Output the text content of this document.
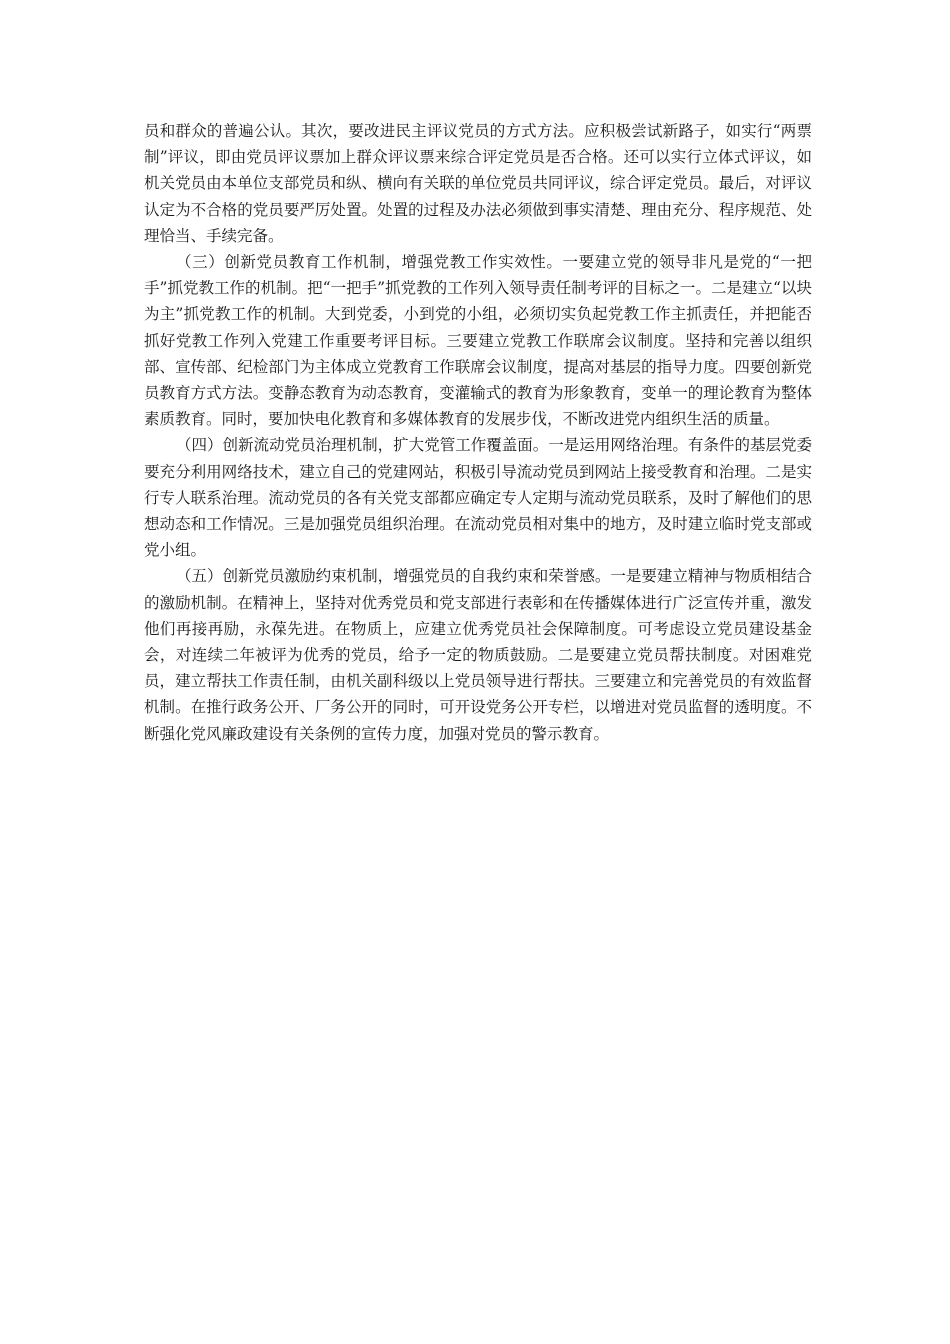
员和群众的普遍公认。其次，要改进民主评议党员的方式方法。应积极尝试新路子，如实行“两票制”评议，即由党员评议票加上群众评议票来综合评定党员是否合格。还可以实行立体式评议，如机关党员由本单位支部党员和纵、横向有关联的单位党员共同评议，综合评定党员。最后，对评议认定为不合格的党员要严厉处置。处置的过程及办法必须做到事实清楚、理由充分、程序规范、处理恰当、手续完备。

（三）创新党员教育工作机制，增强党教工作实效性。一要建立党的领导非凡是党的“一把手”抓党教工作的机制。把“一把手”抓党教的工作列入领导责任制考评的目标之一。二是建立“以块为主”抓党教工作的机制。大到党委，小到党的小组，必须切实负起党教工作主抓责任，并把能否抓好党教工作列入党建工作重要考评目标。三要建立党教工作联席会议制度。坚持和完善以组织部、宣传部、纪检部门为主体成立党教育工作联席会议制度，提高对基层的指导力度。四要创新党员教育方式方法。变静态教育为动态教育，变灌输式的教育为形象教育，变单一的理论教育为整体素质教育。同时，要加快电化教育和多媒体教育的发展步伐，不断改进党内组织生活的质量。

（四）创新流动党员治理机制，扩大党管工作覆盖面。一是运用网络治理。有条件的基层党委要充分利用网络技术，建立自己的党建网站，积极引导流动党员到网站上接受教育和治理。二是实行专人联系治理。流动党员的各有关党支部都应确定专人定期与流动党员联系，及时了解他们的思想动态和工作情况。三是加强党员组织治理。在流动党员相对集中的地方，及时建立临时党支部或党小组。

（五）创新党员激励约束机制，增强党员的自我约束和荣誉感。一是要建立精神与物质相结合的激励机制。在精神上，坚持对优秀党员和党支部进行表彰和在传播媒体进行广泛宣传并重，激发他们再接再励，永葆先进。在物质上，应建立优秀党员社会保障制度。可考虑设立党员建设基金会，对连续二年被评为优秀的党员，给予一定的物质鼓励。二是要建立党员帮扶制度。对困难党员，建立帮扶工作责任制，由机关副科级以上党员领导进行帮扶。三要建立和完善党员的有效监督机制。在推行政务公开、厂务公开的同时，可开设党务公开专栏，以增进对党员监督的透明度。不断强化党风廉政建设有关条例的宣传力度，加强对党员的警示教育。
